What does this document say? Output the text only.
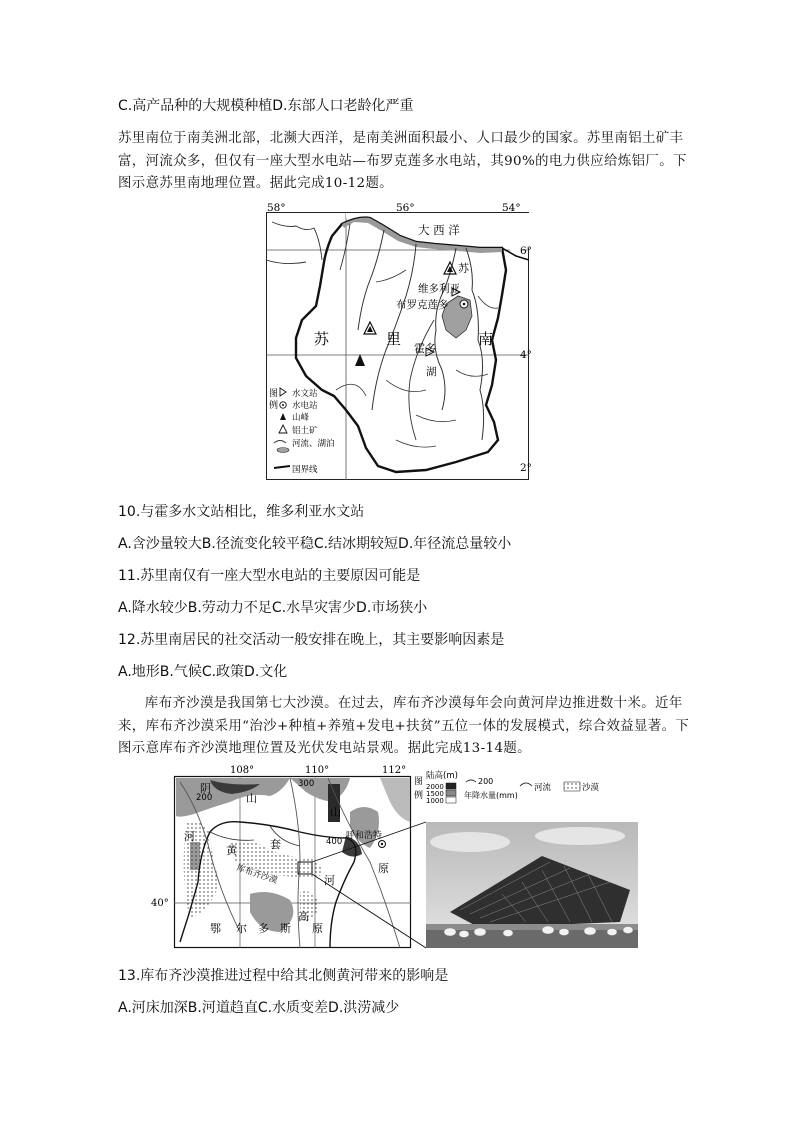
C.高产品种的大规模种植D.东部人口老龄化严重
苏里南位于南美洲北部，北濒大西洋，是南美洲面积最小、人口最少的国家。苏里南铝土矿丰富，河流众多，但仅有一座大型水电站—布罗克莲多水电站，其90%的电力供应给炼铝厂。下图示意苏里南地理位置。据此完成10-12题。
58°	56°	54°
6°
4°
2°
大 西 洋
苏
维多利亚
布罗克莲多
苏	里	南
霍多
湖
图
例
水文站
水电站
山峰
铝土矿
河流、湖泊
国界线
10.与霍多水文站相比，维多利亚水文站
A.含沙量较大B.径流变化较平稳C.结冰期较短D.年径流总量较小
11.苏里南仅有一座大型水电站的主要原因可能是
A.降水较少B.劳动力不足C.水旱灾害少D.市场狭小
12.苏里南居民的社交活动一般安排在晚上，其主要影响因素是
A.地形B.气候C.政策D.文化
库布齐沙漠是我国第七大沙漠。在过去，库布齐沙漠每年会向黄河岸边推进数十米。近年来，库布齐沙漠采用“治沙+种植+养殖+发电+扶贫”五位一体的发展模式，综合效益显著。下图示意库布齐沙漠地理位置及光伏发电站景观。据此完成13-14题。
108°	110°	112°
40°
200
300
400
阴
山
山
河
套
黄
库布齐沙漠
呼和浩特
原
河
鄂 尔 多 斯
高
原
图
例
陆高(m)
2000
1500
1000
200
年降水量(mm)
河流	沙漠
13.库布齐沙漠推进过程中给其北侧黄河带来的影响是
A.河床加深B.河道趋直C.水质变差D.洪涝减少
